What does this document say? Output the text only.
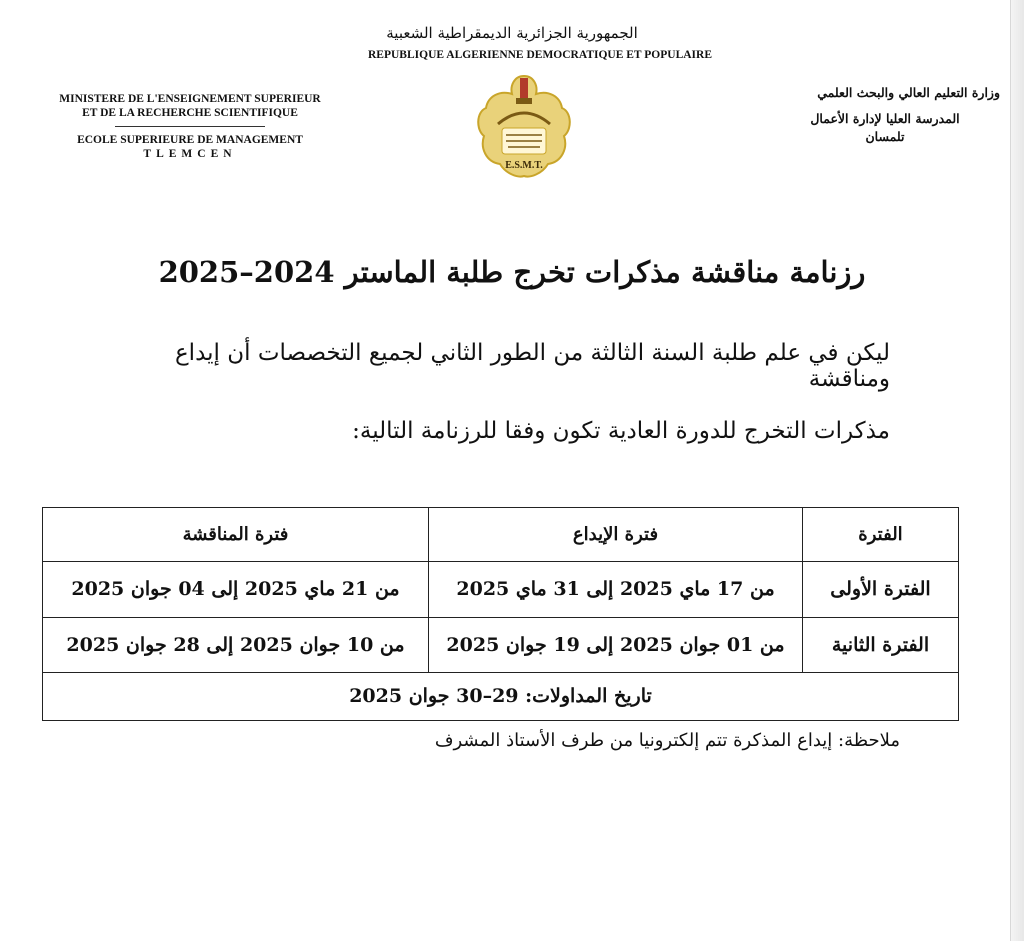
الجمهورية الجزائرية الديمقراطية الشعبية
REPUBLIQUE ALGERIENNE DEMOCRATIQUE ET POPULAIRE
MINISTERE DE L'ENSEIGNEMENT SUPERIEUR
ET DE LA RECHERCHE SCIENTIFIQUE
ECOLE SUPERIEURE DE MANAGEMENT
TLEMCEN
E.S.M.T.
وزارة التعليم العالي والبحث العلمي
المدرسة العليا لإدارة الأعمال
تلمسان
رزنامة مناقشة مذكرات تخرج طلبة الماستر 2024–2025
ليكن في علم طلبة السنة الثالثة من الطور الثاني لجميع التخصصات أن إيداع ومناقشة
مذكرات التخرج للدورة العادية تكون وفقا للرزنامة التالية:
الفترة	فترة الإيداع	فترة المناقشة
الفترة الأولى	من 17 ماي 2025 إلى 31 ماي 2025	من 21 ماي 2025 إلى 04 جوان 2025
الفترة الثانية	من 01 جوان 2025 إلى 19 جوان 2025	من 10 جوان 2025 إلى 28 جوان 2025
تاريخ المداولات: 29–30 جوان 2025		
ملاحظة: إيداع المذكرة تتم إلكترونيا من طرف الأستاذ المشرف
